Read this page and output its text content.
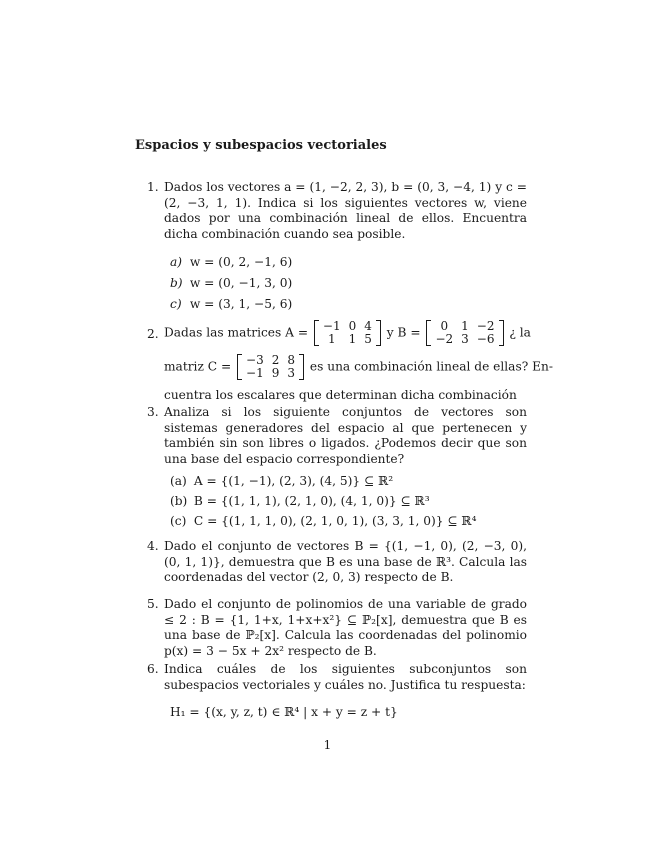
Espacios y subespacios vectoriales
1. Dados los vectores a = (1, −2, 2, 3), b = (0, 3, −4, 1) y c = (2, −3, 1, 1). Indica si los siguientes vectores w, viene dados por una combinación lineal de ellos. Encuentra dicha combinación cuando sea posible.
a) w = (0, 2, −1, 6)
b) w = (0, −1, 3, 0)
c) w = (3, 1, −5, 6)
2. Dadas las matrices A = −1	0	4
1	1	5 y B = 0	1	−2
−2	3	−6 ¿ la
matriz C = −3	2	8
−1	9	3 es una combinación lineal de ellas? En-
cuentra los escalares que determinan dicha combinación
3. Analiza si los siguiente conjuntos de vectores son sistemas generadores del espacio al que pertenecen y también sin son libres o ligados. ¿Podemos decir que son una base del espacio correspondiente?
(a) A = {(1, −1), (2, 3), (4, 5)} ⊆ ℝ²
(b) B = {(1, 1, 1), (2, 1, 0), (4, 1, 0)} ⊆ ℝ³
(c) C = {(1, 1, 1, 0), (2, 1, 0, 1), (3, 3, 1, 0)} ⊆ ℝ⁴
4. Dado el conjunto de vectores B = {(1, −1, 0), (2, −3, 0), (0, 1, 1)}, demuestra que B es una base de ℝ³. Calcula las coordenadas del vector (2, 0, 3) respecto de B.
5. Dado el conjunto de polinomios de una variable de grado ≤ 2 : B = {1, 1+x, 1+x+x²} ⊆ ℙ₂[x], demuestra que B es una base de ℙ₂[x]. Calcula las coordenadas del polinomio p(x) = 3 − 5x + 2x² respecto de B.
6. Indica cuáles de los siguientes subconjuntos son subespacios vectoriales y cuáles no. Justifica tu respuesta:
H₁ = {(x, y, z, t) ∈ ℝ⁴ | x + y = z + t}
1
